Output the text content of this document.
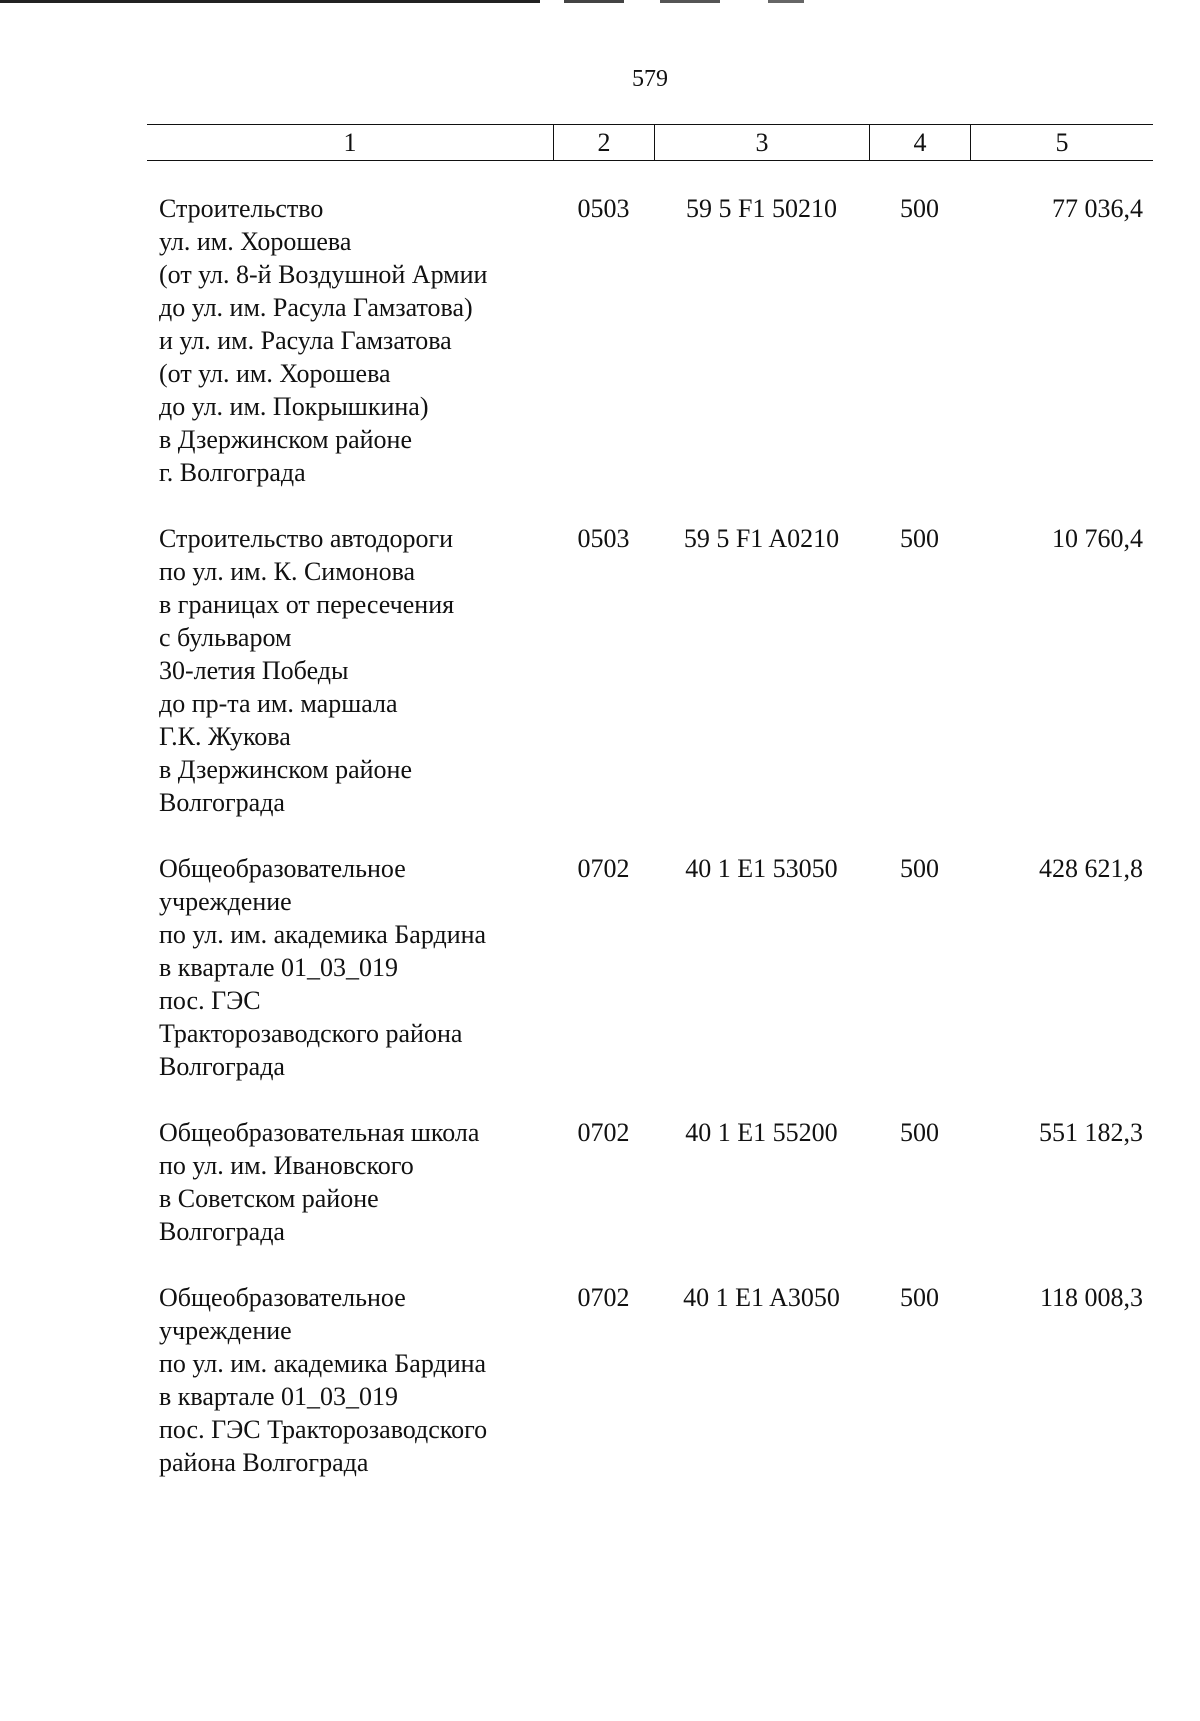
579
1	2	3	4	5
Строительство
ул. им. Хорошева
(от ул. 8-й Воздушной Армии
до ул. им. Расула Гамзатова)
и ул. им. Расула Гамзатова
(от ул. им. Хорошева
до ул. им. Покрышкина)
в Дзержинском районе
г. Волгограда
0503	59 5 F1 50210	500	77 036,4
Строительство автодороги
по ул. им. К. Симонова
в границах от пересечения
с бульваром
30-летия Победы
до пр-та им. маршала
Г.К. Жукова
в Дзержинском районе
Волгограда
0503	59 5 F1 A0210	500	10 760,4
Общеобразовательное
учреждение
по ул. им. академика Бардина
в квартале 01_03_019
пос. ГЭС
Тракторозаводского района
Волгограда
0702	40 1 E1 53050	500	428 621,8
Общеобразовательная школа
по ул. им. Ивановского
в Советском районе
Волгограда
0702	40 1 E1 55200	500	551 182,3
Общеобразовательное
учреждение
по ул. им. академика Бардина
в квартале 01_03_019
пос. ГЭС Тракторозаводского
района Волгограда
0702	40 1 E1 A3050	500	118 008,3
